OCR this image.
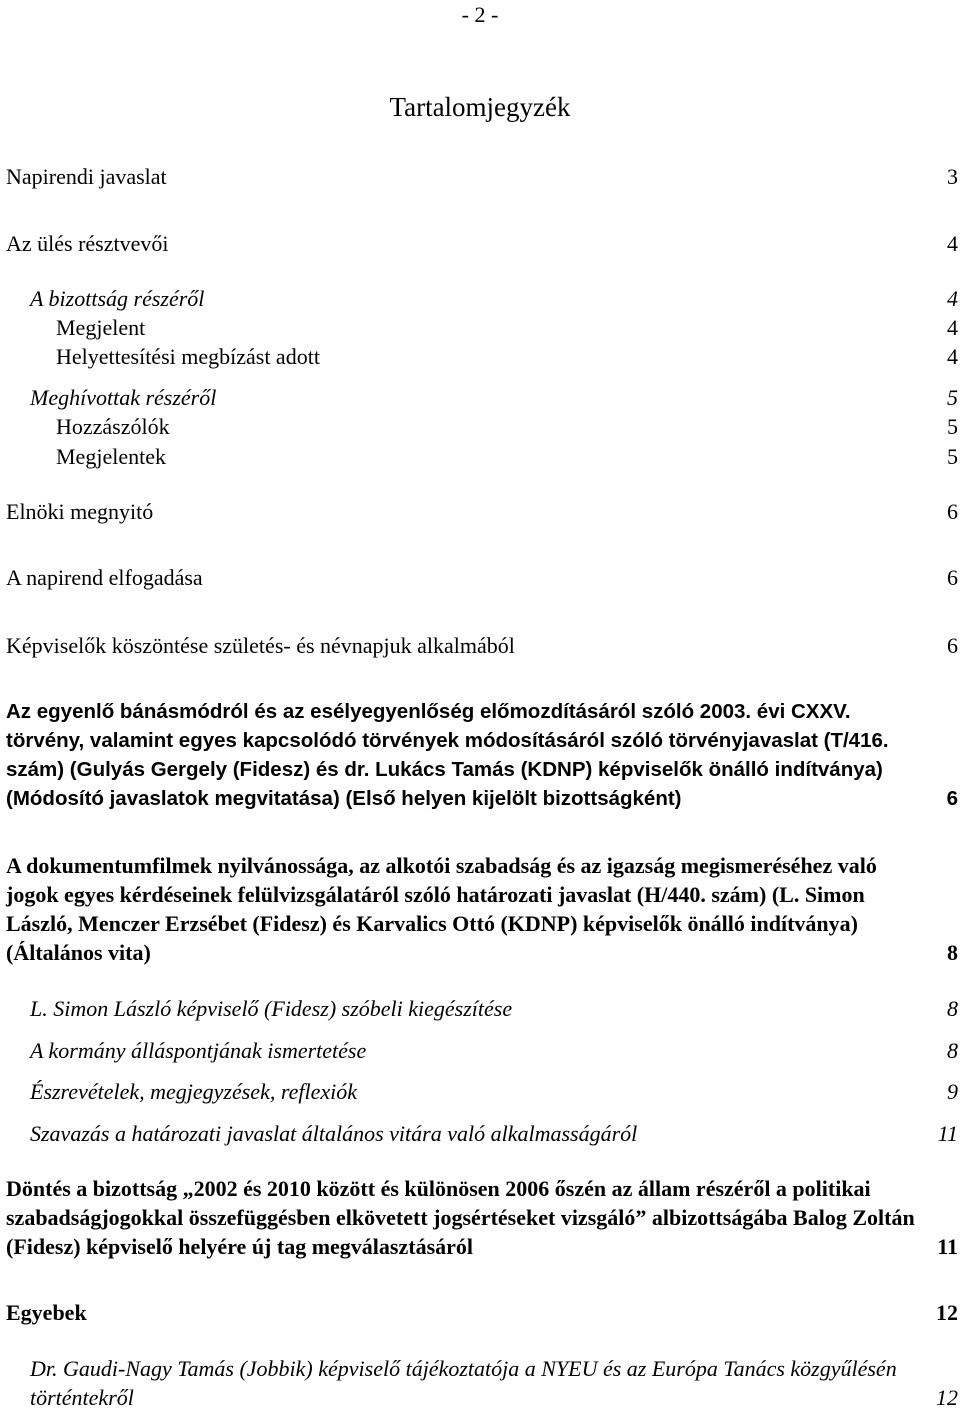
- 2 -
Tartalomjegyzék
Napirendi javaslat	3
Az ülés résztvevői	4
A bizottság részéről	4
Megjelent	4
Helyettesítési megbízást adott	4
Meghívottak részéről	5
Hozzászólók	5
Megjelentek	5
Elnöki megnyitó	6
A napirend elfogadása	6
Képviselők köszöntése születés- és névnapjuk alkalmából	6
Az egyenlő bánásmódról és az esélyegyenlőség előmozdításáról szóló 2003. évi CXXV. törvény, valamint egyes kapcsolódó törvények módosításáról szóló törvényjavaslat (T/416. szám) (Gulyás Gergely (Fidesz) és dr. Lukács Tamás (KDNP) képviselők önálló indítványa) (Módosító javaslatok megvitatása) (Első helyen kijelölt bizottságként)	6
A dokumentumfilmek nyilvánossága, az alkotói szabadság és az igazság megismeréséhez való jogok egyes kérdéseinek felülvizsgálatáról szóló határozati javaslat (H/440. szám) (L. Simon László, Menczer Erzsébet (Fidesz) és Karvalics Ottó (KDNP) képviselők önálló indítványa) (Általános vita)	8
L. Simon László képviselő (Fidesz) szóbeli kiegészítése	8
A kormány álláspontjának ismertetése	8
Észrevételek, megjegyzések, reflexiók	9
Szavazás a határozati javaslat általános vitára való alkalmasságáról	11
Döntés a bizottság „2002 és 2010 között és különösen 2006 őszén az állam részéről a politikai szabadságjogokkal összefüggésben elkövetett jogsértéseket vizsgáló” albizottságába Balog Zoltán (Fidesz) képviselő helyére új tag megválasztásáról	11
Egyebek	12
Dr. Gaudi-Nagy Tamás (Jobbik) képviselő tájékoztatója a NYEU és az Európa Tanács közgyűlésén történtekről	12
